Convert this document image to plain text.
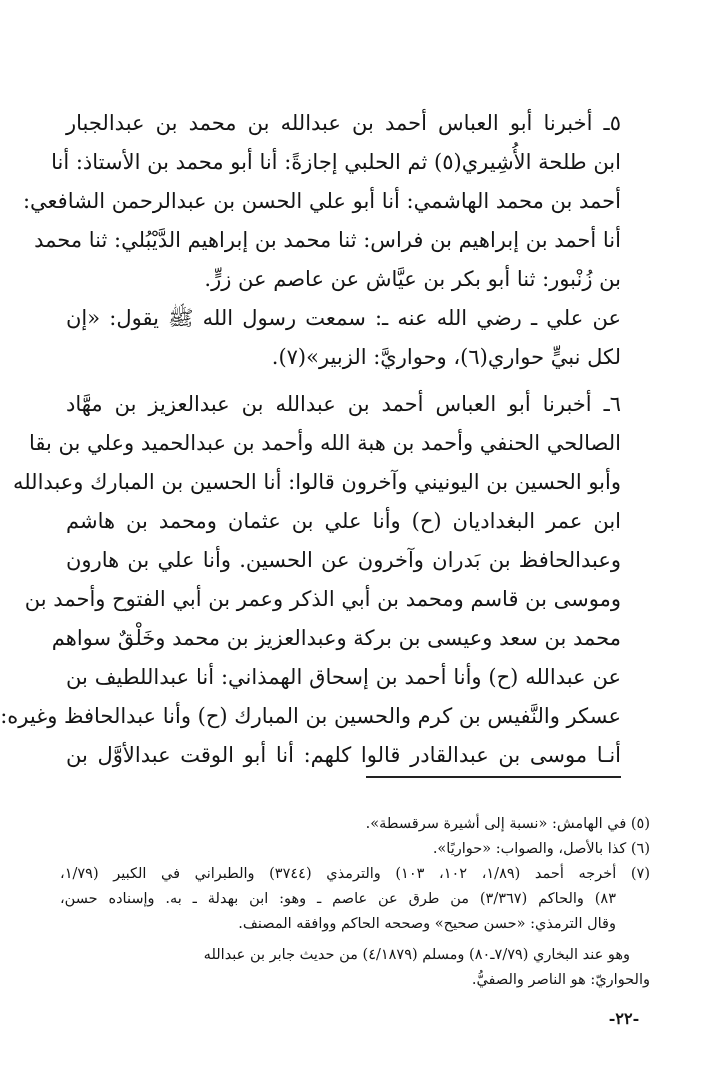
٥ـ أخبرنا أبو العباس أحمد بن عبدالله بن محمد بن عبدالجبار
ابن طلحة الأُشِيري(٥) ثم الحلبي إجازةً: أنا أبو محمد بن الأستاذ: أنا
أحمد بن محمد الهاشمي: أنا أبو علي الحسن بن عبدالرحمن الشافعي:
أنا أحمد بن إبراهيم بن فراس: ثنا محمد بن إبراهيم الدَّيْبُلي: ثنا محمد
بن زُنْبور: ثنا أبو بكر بن عيَّاش عن عاصم عن زرٍّ.
عن علي ـ رضي الله عنه ـ: سمعت رسول الله ﷺ يقول: «إن
لكل نبيٍّ حواري(٦)، وحواريَّ: الزبير»(٧).
٦ـ أخبرنا أبو العباس أحمد بن عبدالله بن عبدالعزيز بن مهَّاد
الصالحي الحنفي وأحمد بن هبة الله وأحمد بن عبدالحميد وعلي بن بقا
وأبو الحسين بن اليونيني وآخرون قالوا: أنا الحسين بن المبارك وعبدالله
ابن عمر البغداديان (ح) وأنا علي بن عثمان ومحمد بن هاشم
وعبدالحافظ بن بَدران وآخرون عن الحسين. وأنا علي بن هارون
وموسى بن قاسم ومحمد بن أبي الذكر وعمر بن أبي الفتوح وأحمد بن
محمد بن سعد وعيسى بن بركة وعبدالعزيز بن محمد وخَلْقٌ سواهم
عن عبدالله (ح) وأنا أحمد بن إسحاق الهمذاني: أنا عبداللطيف بن
عسكر والنَّفيس بن كرم والحسين بن المبارك (ح) وأنا عبدالحافظ وغيره:
أنـا موسى بن عبدالقادر قالوا كلهم: أنا أبو الوقت عبدالأوَّل بن
(٥) في الهامش: «نسبة إلى أشيرة سرقسطة».
(٦) كذا بالأصل، والصواب: «حواريًا».
(٧) أخرجه أحمد (١/٨٩، ١٠٢، ١٠٣) والترمذي (٣٧٤٤) والطبراني في الكبير (١/٧٩،
٨٣) والحاكم (٣/٣٦٧) من طرق عن عاصم ـ وهو: ابن بهدلة ـ به. وإسناده حسن،
وقال الترمذي: «حسن صحيح» وصححه الحاكم ووافقه المصنف.
وهو عند البخاري (٧/٧٩ـ٨٠) ومسلم (٤/١٨٧٩) من حديث جابر بن عبدالله
والحواريّ: هو الناصر والصفيُّ.
-٢٢-
